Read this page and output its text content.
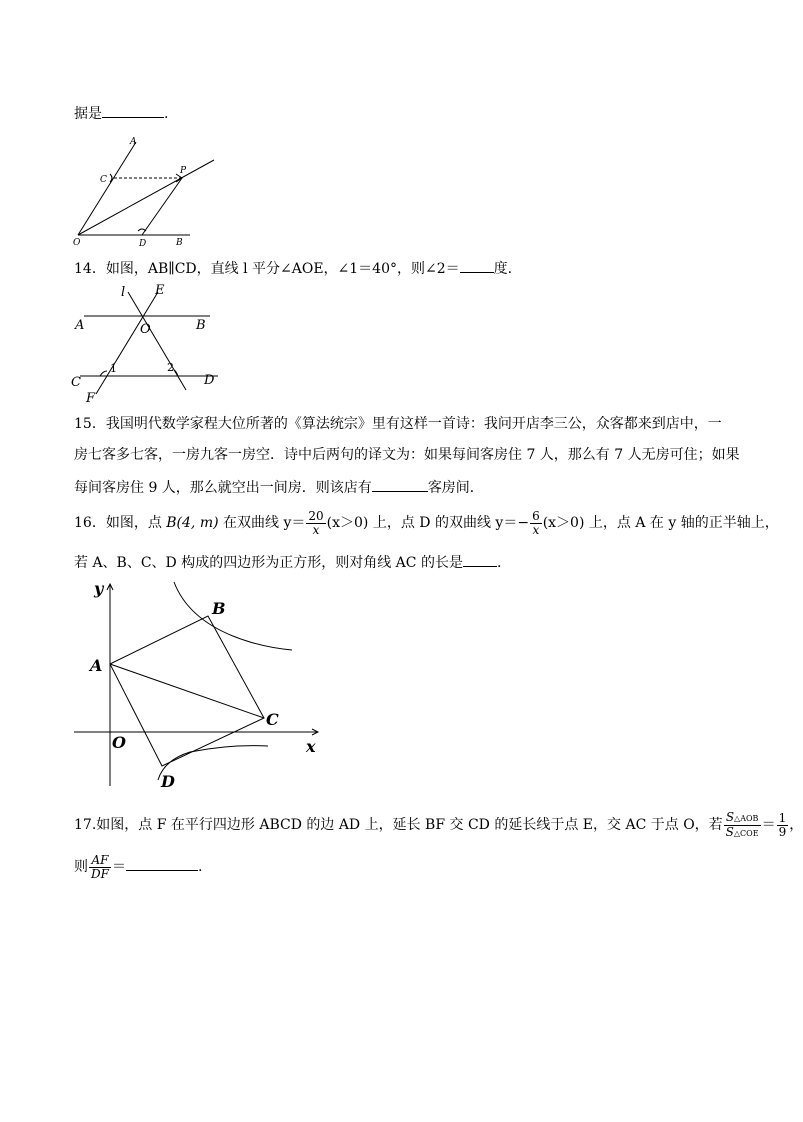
据是	.
A
C
P
O	D	B
14．如图，AB∥CD，直线 l 平分∠AOE，∠1＝40°，则∠2＝ 度.
l E
A	O	B
C	D
F
1	2
15．我国明代数学家程大位所著的《算法统宗》里有这样一首诗：我问开店李三公，众客都来到店中，一
房七客多七客，一房九客一房空．诗中后两句的译文为：如果每间客房住 7 人，那么有 7 人无房可住；如果
每间客房住 9 人，那么就空出一间房．则该店有	客房间．
16．如图，点 B(4, m) 在双曲线 $y= \frac{20}{x} (x>0)$ 上，点 D 的双曲线 $y=- \frac{6}{x} (x>0)$ 上，点 A 在 y 轴的正半轴上，
若 A、B、C、D 构成的四边形为正方形，则对角线 AC 的长是 .
y
x
O
A
B
C
D
17.如图，点 F 在平行四边形 ABCD 的边 AD 上，延长 BF 交 CD 的延长线于点 E，交 AC 于点 O，若 $\frac{\text{S△AOB}}{\text{S△COE}} = \frac{1}{9}$ ，
则 $\frac{AF}{DF}$ ＝	.
